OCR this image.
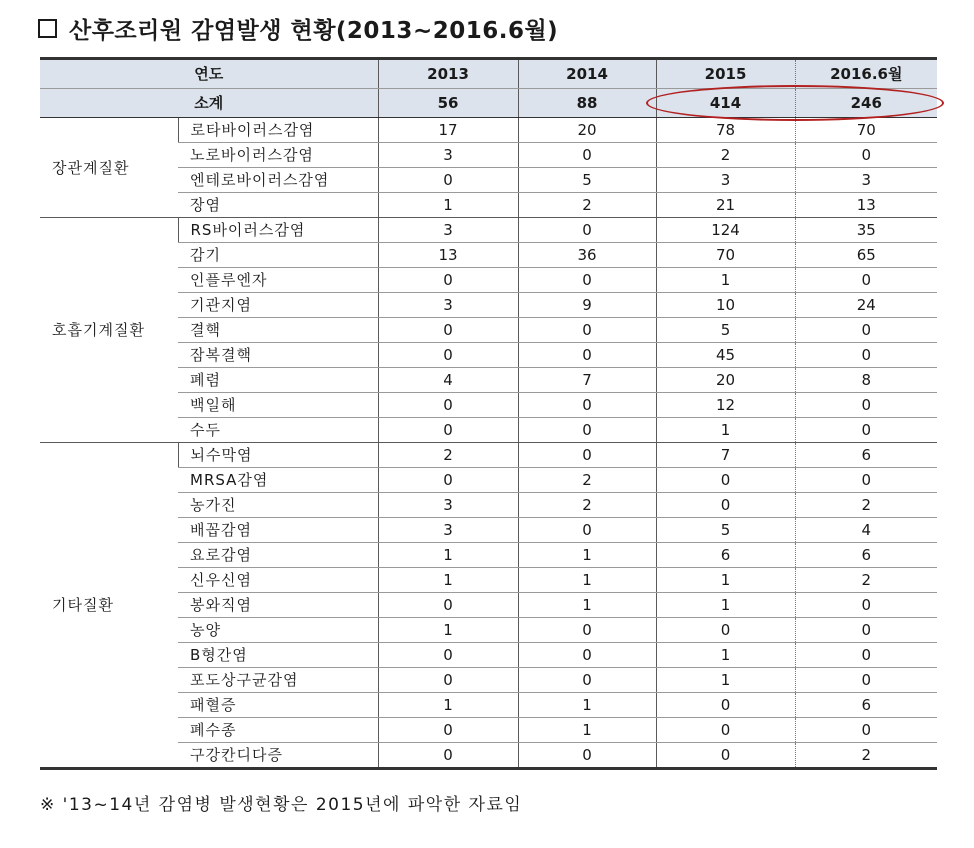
산후조리원 감염발생 현황(2013~2016.6월)
연도		2013	2014	2015	2016.6월
소계		56	88	414	246
장관계질환	로타바이러스감염	17	20	78	70
	노로바이러스감염	3	0	2	0
	엔테로바이러스감염	0	5	3	3
	장염	1	2	21	13
호흡기계질환	RS바이러스감염	3	0	124	35
	감기	13	36	70	65
	인플루엔자	0	0	1	0
	기관지염	3	9	10	24
	결핵	0	0	5	0
	잠복결핵	0	0	45	0
	폐렴	4	7	20	8
	백일해	0	0	12	0
	수두	0	0	1	0
기타질환	뇌수막염	2	0	7	6
	MRSA감염	0	2	0	0
	농가진	3	2	0	2
	배꼽감염	3	0	5	4
	요로감염	1	1	6	6
	신우신염	1	1	1	2
	봉와직염	0	1	1	0
	농양	1	0	0	0
	B형간염	0	0	1	0
	포도상구균감염	0	0	1	0
	패혈증	1	1	0	6
	폐수종	0	1	0	0
	구강칸디다증	0	0	0	2
※ '13~14년 감염병 발생현황은 2015년에 파악한 자료임
